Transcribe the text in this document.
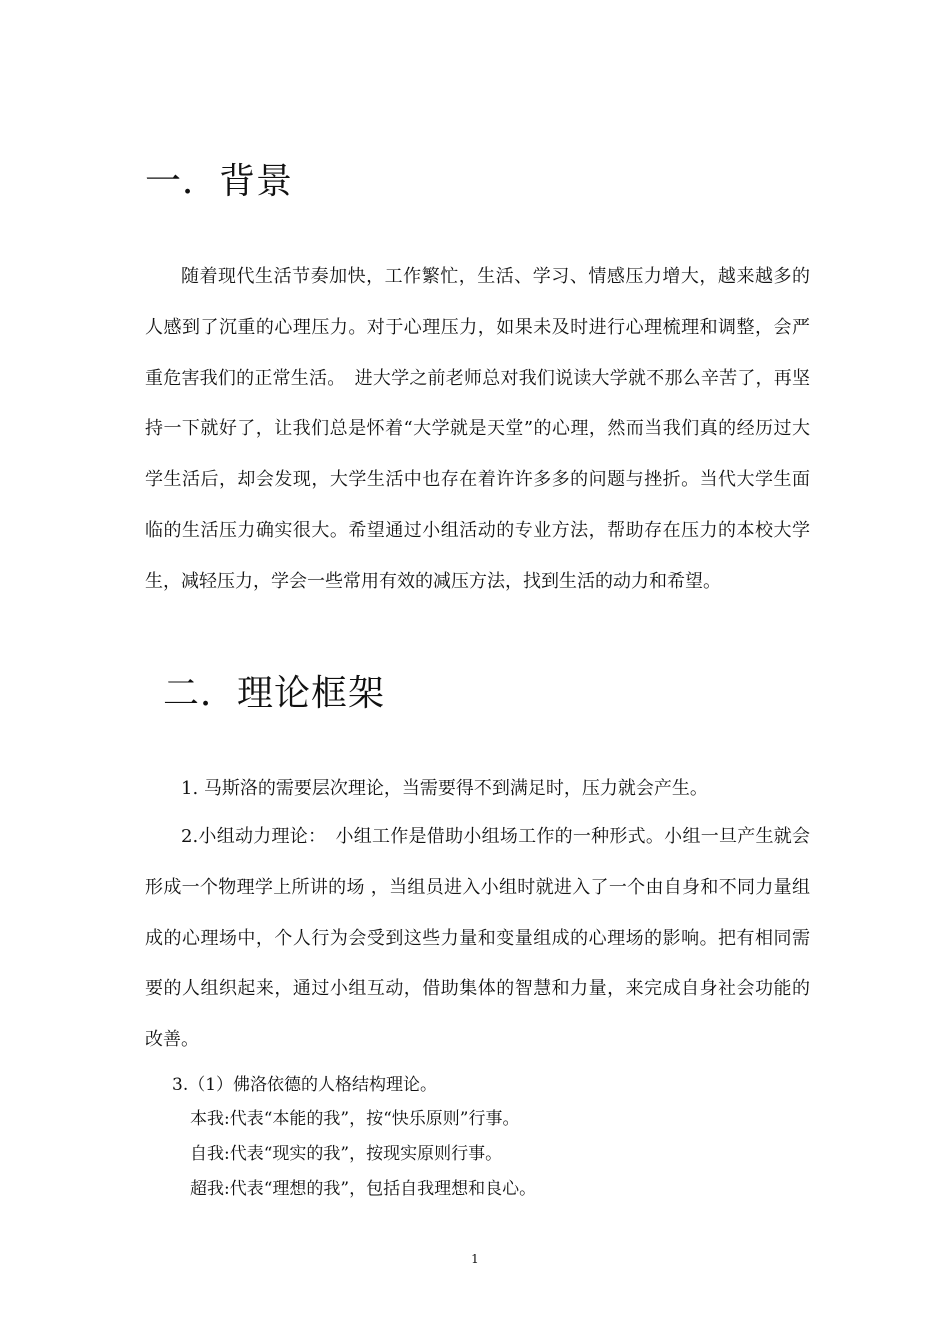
一．背景

随着现代生活节奏加快，工作繁忙，生活、学习、情感压力增大，越来越多的人感到了沉重的心理压力。对于心理压力，如果未及时进行心理梳理和调整，会严重危害我们的正常生活。　进大学之前老师总对我们说读大学就不那么辛苦了，再坚持一下就好了，让我们总是怀着“大学就是天堂”的心理，然而当我们真的经历过大学生活后，却会发现，大学生活中也存在着许许多多的问题与挫折。当代大学生面临的生活压力确实很大。希望通过小组活动的专业方法，帮助存在压力的本校大学生，减轻压力，学会一些常用有效的减压方法，找到生活的动力和希望。

二．理论框架
1. 马斯洛的需要层次理论，当需要得不到满足时，压力就会产生。

2.小组动力理论：　小组工作是借助小组场工作的一种形式。小组一旦产生就会形成一个物理学上所讲的场 ，当组员进入小组时就进入了一个由自身和不同力量组成的心理场中，个人行为会受到这些力量和变量组成的心理场的影响。把有相同需要的人组织起来，通过小组互动，借助集体的智慧和力量，来完成自身社会功能的改善。

3.（1）佛洛依德的人格结构理论。
本我:代表“本能的我”，按“快乐原则”行事。
自我:代表“现实的我”，按现实原则行事。
超我:代表“理想的我”，包括自我理想和良心。
1
